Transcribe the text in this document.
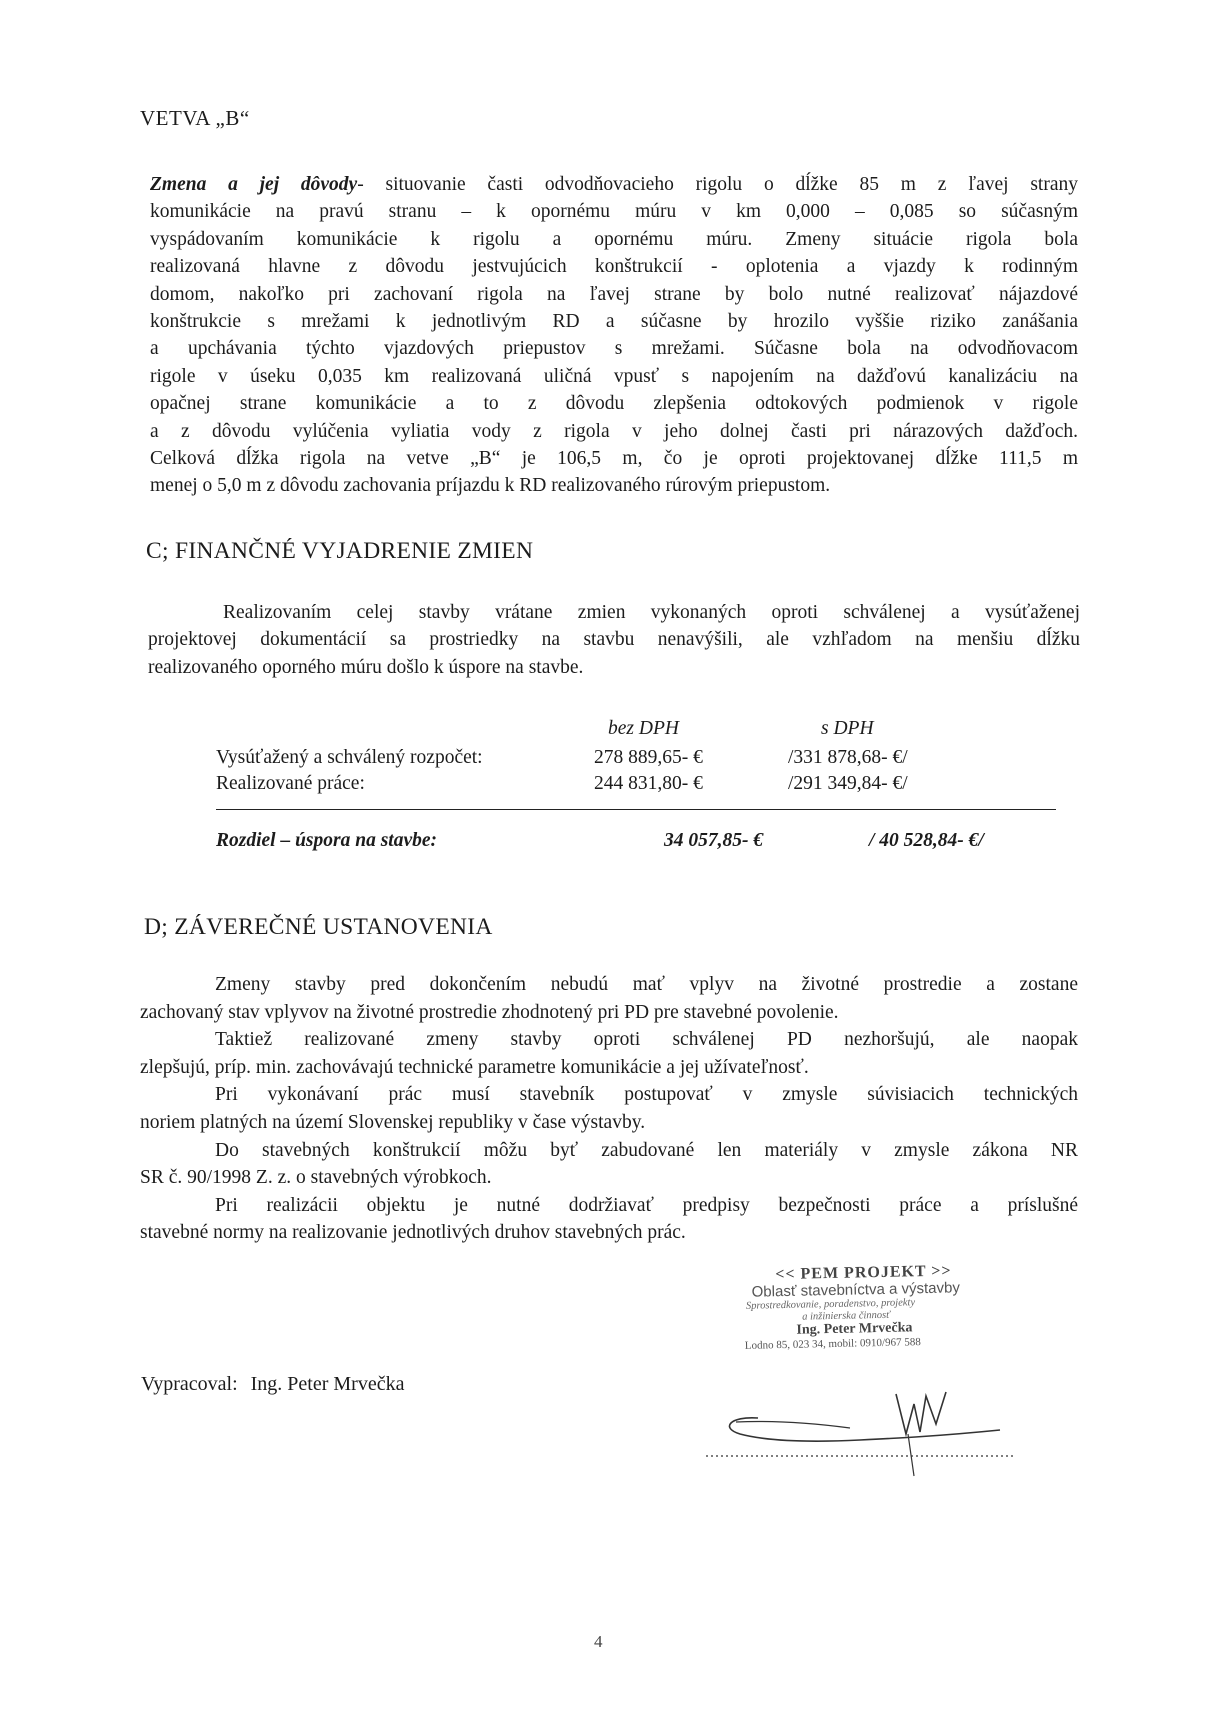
VETVA „B“
Zmena a jej dôvody- situovanie časti odvodňovacieho rigolu o dĺžke 85 m z ľavej strany
komunikácie na pravú stranu – k opornému múru v km 0,000 – 0,085 so súčasným
vyspádovaním komunikácie k rigolu a opornému múru. Zmeny situácie rigola bola
realizovaná hlavne z dôvodu jestvujúcich konštrukcií - oplotenia a vjazdy k rodinným
domom, nakoľko pri zachovaní rigola na ľavej strane by bolo nutné realizovať nájazdové
konštrukcie s mrežami k jednotlivým RD a súčasne by hrozilo vyššie riziko zanášania
a upchávania týchto vjazdových priepustov s mrežami. Súčasne bola na odvodňovacom
rigole v úseku 0,035 km realizovaná uličná vpusť s napojením na dažďovú kanalizáciu na
opačnej strane komunikácie a to z dôvodu zlepšenia odtokových podmienok v rigole
a z dôvodu vylúčenia vyliatia vody z rigola v jeho dolnej časti pri nárazových dažďoch.
Celková dĺžka rigola na vetve „B“ je 106,5 m, čo je oproti projektovanej dĺžke 111,5 m
menej o 5,0 m z dôvodu zachovania príjazdu k RD realizovaného rúrovým priepustom.
C; FINANČNÉ VYJADRENIE ZMIEN
Realizovaním celej stavby vrátane zmien vykonaných oproti schválenej a vysúťaženej
projektovej dokumentácií sa prostriedky na stavbu nenavýšili, ale vzhľadom na menšiu dĺžku
realizovaného oporného múru došlo k úspore na stavbe.
bez DPH	s DPH
Vysúťažený a schválený rozpočet:	278 889,65- €	/331 878,68- €/
Realizované práce:	244 831,80- €	/291 349,84- €/
Rozdiel – úspora na stavbe:	34 057,85- €	/ 40 528,84- €/
D; ZÁVEREČNÉ USTANOVENIA
Zmeny stavby pred dokončením nebudú mať vplyv na životné prostredie a zostane
zachovaný stav vplyvov na životné prostredie zhodnotený pri PD pre stavebné povolenie.
Taktiež realizované zmeny stavby oproti schválenej PD nezhoršujú, ale naopak
zlepšujú, príp. min. zachovávajú technické parametre komunikácie a jej užívateľnosť.
Pri vykonávaní prác musí stavebník postupovať v zmysle súvisiacich technických
noriem platných na území Slovenskej republiky v čase výstavby.
Do stavebných konštrukcií môžu byť zabudované len materiály v zmysle zákona NR
SR č. 90/1998 Z. z. o stavebných výrobkoch.
Pri realizácii objektu je nutné dodržiavať predpisy bezpečnosti práce a príslušné
stavebné normy na realizovanie jednotlivých druhov stavebných prác.
<< PEM PROJEKT >>
Oblasť stavebníctva a výstavby
Sprostredkovanie, poradenstvo, projekty
a inžinierska činnosť
Ing. Peter Mrvečka
Lodno 85, 023 34, mobil: 0910/967 588
Vypracoval: Ing. Peter Mrvečka
4
